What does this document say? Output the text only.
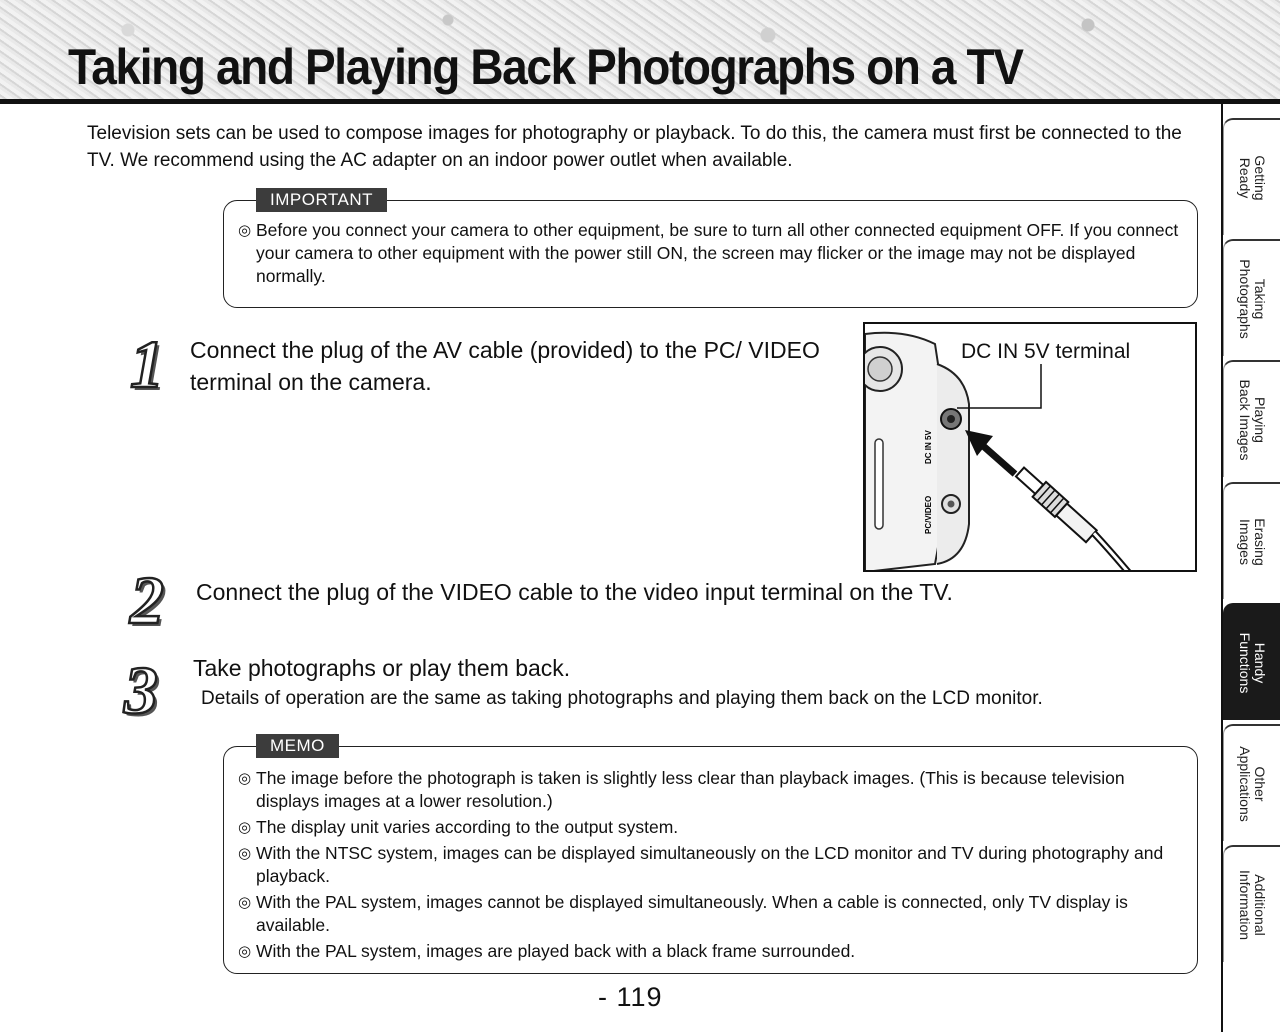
Taking and Playing Back Photographs on a TV

Television sets can be used to compose images for photography or playback. To do this, the camera must first be connected to the TV. We recommend using the AC adapter on an indoor power outlet when available.

IMPORTANT
◎ Before you connect your camera to other equipment, be sure to turn all other connected equipment OFF. If you connect your camera to other equipment with the power still ON, the screen may flicker or the image may not be displayed normally.
1 Connect the plug of the AV cable (provided) to the PC/ VIDEO terminal on the camera.

DC IN 5V
PC/VIDEO
DC IN 5V terminal
2 Connect the plug of the VIDEO cable to the video input terminal on the TV.

3 Take photographs or play them back.

Details of operation are the same as taking photographs and playing them back on the LCD monitor.

MEMO
◎ The image before the photograph is taken is slightly less clear than playback images. (This is because television displays images at a lower resolution.)
◎ The display unit varies according to the output system.
◎ With the NTSC system, images can be displayed simultaneously on the LCD monitor and TV during photography and playback.
◎ With the PAL system, images cannot be displayed simultaneously. When a cable is connected, only TV display is available.
◎ With the PAL system, images are played back with a black frame surrounded.
- 119
Getting
Ready
Taking
Photographs
Playing
Back Images
Erasing
Images
Handy
Functions
Other
Applications
Additional
Information
